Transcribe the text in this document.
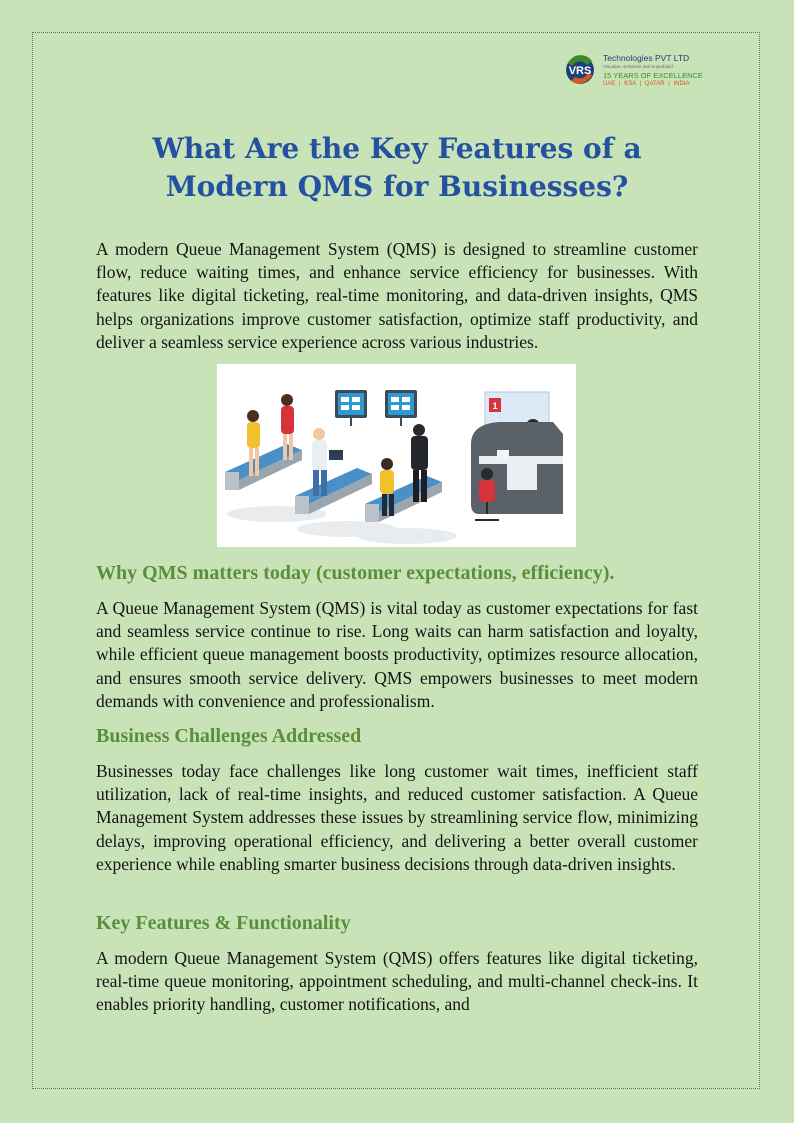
VRS
Technologies PVT LTD
Visualise, Enhance and Superbuild
15 YEARS OF EXCELLENCE
UAE | KSA | QATAR | INDIA
What Are the Key Features of a Modern QMS for Businesses?

A modern Queue Management System (QMS) is designed to streamline customer flow, reduce waiting times, and enhance service efficiency for businesses. With features like digital ticketing, real-time monitoring, and data-driven insights, QMS helps organizations improve customer satisfaction, optimize staff productivity, and deliver a seamless service experience across various industries.

1
Why QMS matters today (customer expectations, efficiency).

A Queue Management System (QMS) is vital today as customer expectations for fast and seamless service continue to rise. Long waits can harm satisfaction and loyalty, while efficient queue management boosts productivity, optimizes resource allocation, and ensures smooth service delivery. QMS empowers businesses to meet modern demands with convenience and professionalism.

Business Challenges Addressed

Businesses today face challenges like long customer wait times, inefficient staff utilization, lack of real-time insights, and reduced customer satisfaction. A Queue Management System addresses these issues by streamlining service flow, minimizing delays, improving operational efficiency, and delivering a better overall customer experience while enabling smarter business decisions through data-driven insights.

Key Features & Functionality

A modern Queue Management System (QMS) offers features like digital ticketing, real-time queue monitoring, appointment scheduling, and multi-channel check-ins. It enables priority handling, customer notifications, and
